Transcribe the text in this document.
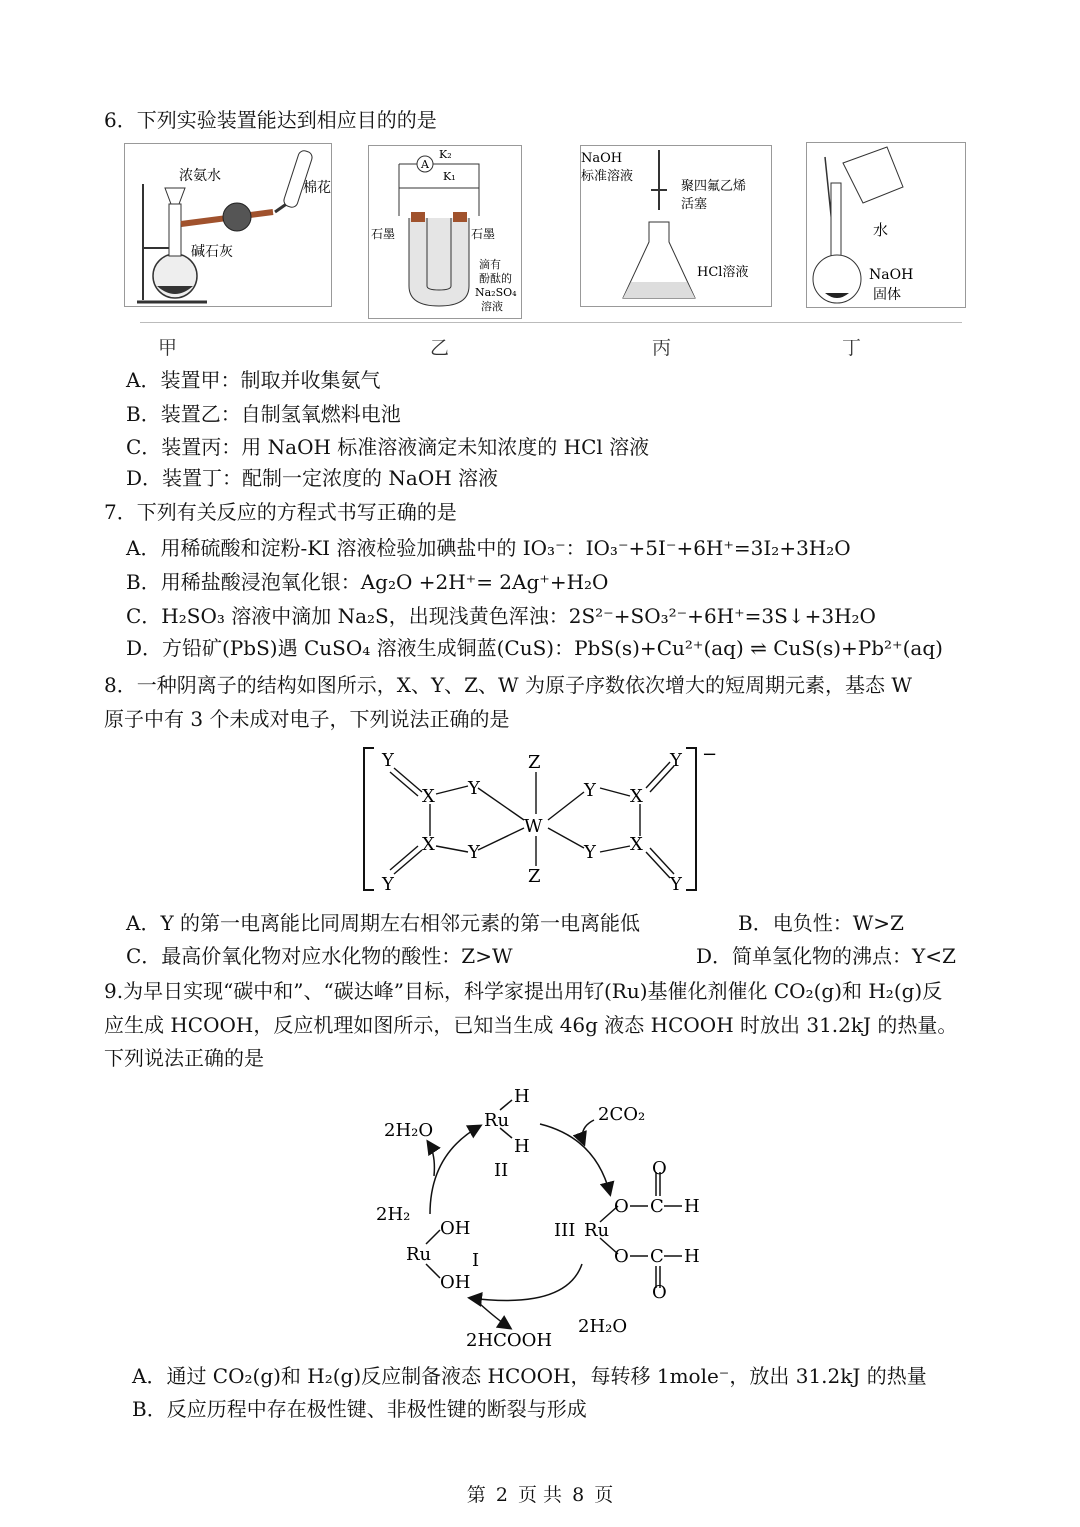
6．下列实验装置能达到相应目的的是
浓氨水
棉花
碱石灰
A
K₂
K₁
石墨	石墨
滴有
酚酞的
Na₂SO₄
溶液
NaOH
标准溶液
聚四氟乙烯
活塞
HCl溶液
水
NaOH
固体
甲	乙	丙	丁
A．装置甲：制取并收集氨气
B．装置乙：自制氢氧燃料电池
C．装置丙：用 NaOH 标准溶液滴定未知浓度的 HCl 溶液
D．装置丁：配制一定浓度的 NaOH 溶液
7．下列有关反应的方程式书写正确的是
A．用稀硫酸和淀粉-KI 溶液检验加碘盐中的 IO₃⁻：IO₃⁻+5I⁻+6H⁺=3I₂+3H₂O
B．用稀盐酸浸泡氧化银：Ag₂O +2H⁺= 2Ag⁺+H₂O
C．H₂SO₃ 溶液中滴加 Na₂S，出现浅黄色浑浊：2S²⁻+SO₃²⁻+6H⁺=3S↓+3H₂O
D．方铅矿(PbS)遇 CuSO₄ 溶液生成铜蓝(CuS)：PbS(s)+Cu²⁺(aq) ⇌ CuS(s)+Pb²⁺(aq)
8．一种阴离子的结构如图所示，X、Y、Z、W 为原子序数依次增大的短周期元素，基态 W
原子中有 3 个未成对电子，下列说法正确的是
−
Y
X Y
X Y
Y
Z
W
Z
Y X
Y X
Y
Y
A．Y 的第一电离能比同周期左右相邻元素的第一电离能低	B．电负性：W>Z
C．最高价氧化物对应水化物的酸性：Z>W	D．简单氢化物的沸点：Y<Z
9.为早日实现“碳中和”、“碳达峰”目标，科学家提出用钌(Ru)基催化剂催化 CO₂(g)和 H₂(g)反
应生成 HCOOH，反应机理如图所示，已知当生成 46g 液态 HCOOH 时放出 31.2kJ 的热量。
下列说法正确的是
2H₂O	Ru
H
H
II
2CO₂
O
O C H
III Ru
O C H
O
2H₂
OH
Ru I
OH
2HCOOH
2H₂O
A．通过 CO₂(g)和 H₂(g)反应制备液态 HCOOH，每转移 1mole⁻，放出 31.2kJ 的热量
B．反应历程中存在极性键、非极性键的断裂与形成
第 2 页 共 8 页
